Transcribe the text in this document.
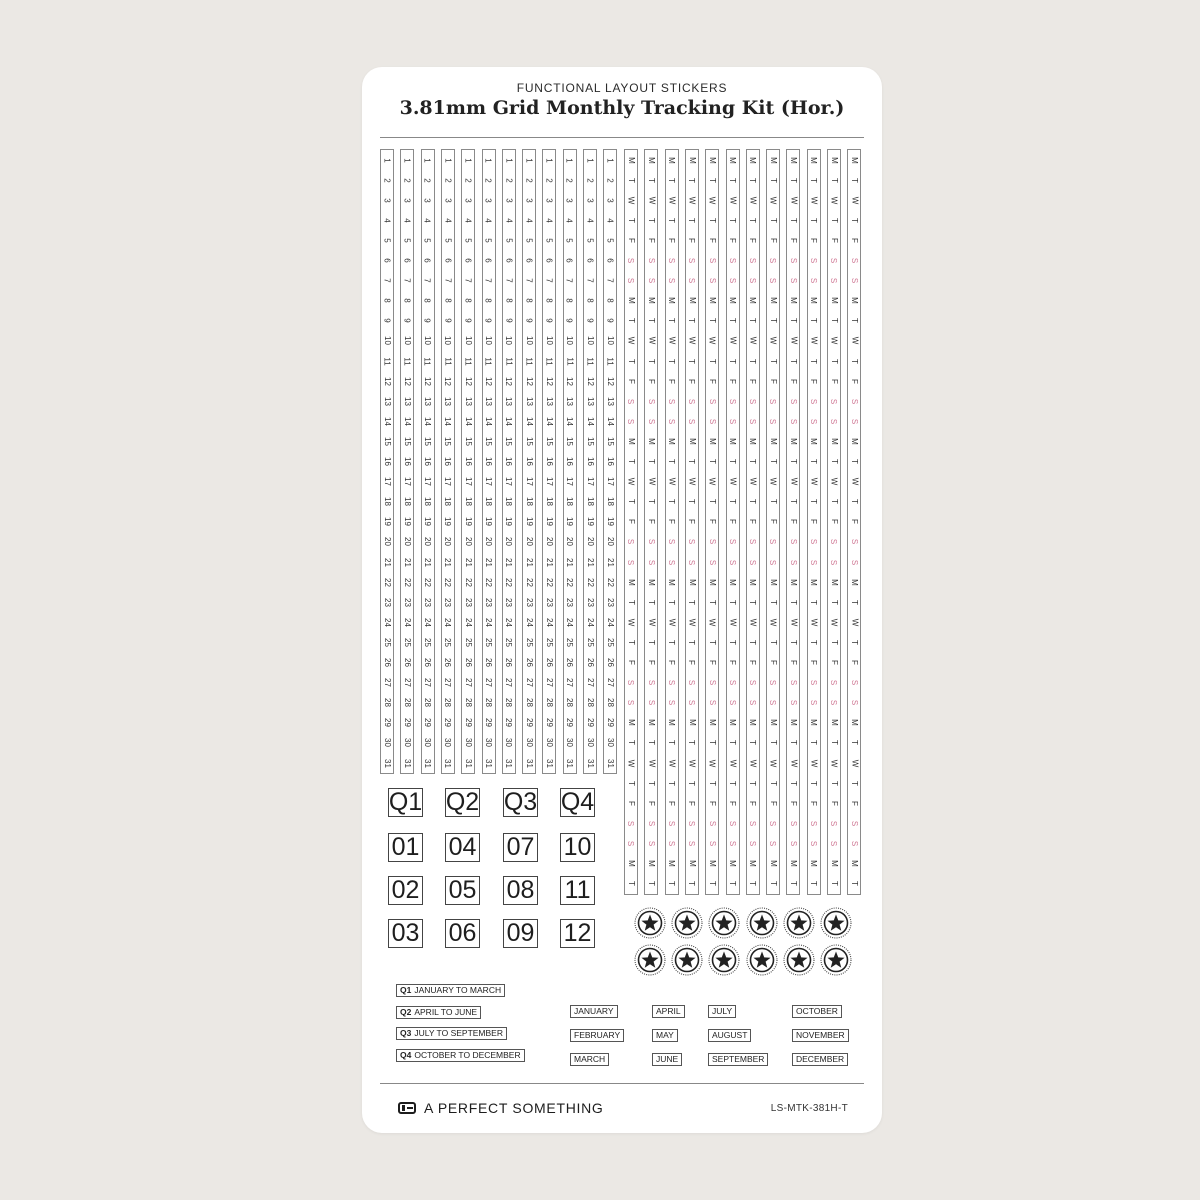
FUNCTIONAL LAYOUT STICKERS
3.81mm Grid Monthly Tracking Kit (Hor.)
1
2
3
4
5
6
7
8
9
10
11
12
13
14
15
16
17
18
19
20
21
22
23
24
25
26
27
28
29
30
31
1
2
3
4
5
6
7
8
9
10
11
12
13
14
15
16
17
18
19
20
21
22
23
24
25
26
27
28
29
30
31
1
2
3
4
5
6
7
8
9
10
11
12
13
14
15
16
17
18
19
20
21
22
23
24
25
26
27
28
29
30
31
1
2
3
4
5
6
7
8
9
10
11
12
13
14
15
16
17
18
19
20
21
22
23
24
25
26
27
28
29
30
31
1
2
3
4
5
6
7
8
9
10
11
12
13
14
15
16
17
18
19
20
21
22
23
24
25
26
27
28
29
30
31
1
2
3
4
5
6
7
8
9
10
11
12
13
14
15
16
17
18
19
20
21
22
23
24
25
26
27
28
29
30
31
1
2
3
4
5
6
7
8
9
10
11
12
13
14
15
16
17
18
19
20
21
22
23
24
25
26
27
28
29
30
31
1
2
3
4
5
6
7
8
9
10
11
12
13
14
15
16
17
18
19
20
21
22
23
24
25
26
27
28
29
30
31
1
2
3
4
5
6
7
8
9
10
11
12
13
14
15
16
17
18
19
20
21
22
23
24
25
26
27
28
29
30
31
1
2
3
4
5
6
7
8
9
10
11
12
13
14
15
16
17
18
19
20
21
22
23
24
25
26
27
28
29
30
31
1
2
3
4
5
6
7
8
9
10
11
12
13
14
15
16
17
18
19
20
21
22
23
24
25
26
27
28
29
30
31
1
2
3
4
5
6
7
8
9
10
11
12
13
14
15
16
17
18
19
20
21
22
23
24
25
26
27
28
29
30
31
M
T
W
T
F
S
S
M
T
W
T
F
S
S
M
T
W
T
F
S
S
M
T
W
T
F
S
S
M
T
W
T
F
S
S
M
T
M
T
W
T
F
S
S
M
T
W
T
F
S
S
M
T
W
T
F
S
S
M
T
W
T
F
S
S
M
T
W
T
F
S
S
M
T
M
T
W
T
F
S
S
M
T
W
T
F
S
S
M
T
W
T
F
S
S
M
T
W
T
F
S
S
M
T
W
T
F
S
S
M
T
M
T
W
T
F
S
S
M
T
W
T
F
S
S
M
T
W
T
F
S
S
M
T
W
T
F
S
S
M
T
W
T
F
S
S
M
T
M
T
W
T
F
S
S
M
T
W
T
F
S
S
M
T
W
T
F
S
S
M
T
W
T
F
S
S
M
T
W
T
F
S
S
M
T
M
T
W
T
F
S
S
M
T
W
T
F
S
S
M
T
W
T
F
S
S
M
T
W
T
F
S
S
M
T
W
T
F
S
S
M
T
M
T
W
T
F
S
S
M
T
W
T
F
S
S
M
T
W
T
F
S
S
M
T
W
T
F
S
S
M
T
W
T
F
S
S
M
T
M
T
W
T
F
S
S
M
T
W
T
F
S
S
M
T
W
T
F
S
S
M
T
W
T
F
S
S
M
T
W
T
F
S
S
M
T
M
T
W
T
F
S
S
M
T
W
T
F
S
S
M
T
W
T
F
S
S
M
T
W
T
F
S
S
M
T
W
T
F
S
S
M
T
M
T
W
T
F
S
S
M
T
W
T
F
S
S
M
T
W
T
F
S
S
M
T
W
T
F
S
S
M
T
W
T
F
S
S
M
T
M
T
W
T
F
S
S
M
T
W
T
F
S
S
M
T
W
T
F
S
S
M
T
W
T
F
S
S
M
T
W
T
F
S
S
M
T
M
T
W
T
F
S
S
M
T
W
T
F
S
S
M
T
W
T
F
S
S
M
T
W
T
F
S
S
M
T
W
T
F
S
S
M
T
Q1 Q2 Q3 Q4
01 04 07 10
02 05 08 11
03 06 09 12
Q1 JANUARY TO MARCH
Q2 APRIL TO JUNE
Q3 JULY TO SEPTEMBER
Q4 OCTOBER TO DECEMBER
JANUARY
FEBRUARY
MARCH
APRIL
MAY
JUNE
JULY
AUGUST
SEPTEMBER
OCTOBER
NOVEMBER
DECEMBER
A PERFECT SOMETHING	LS-MTK-381H-T
